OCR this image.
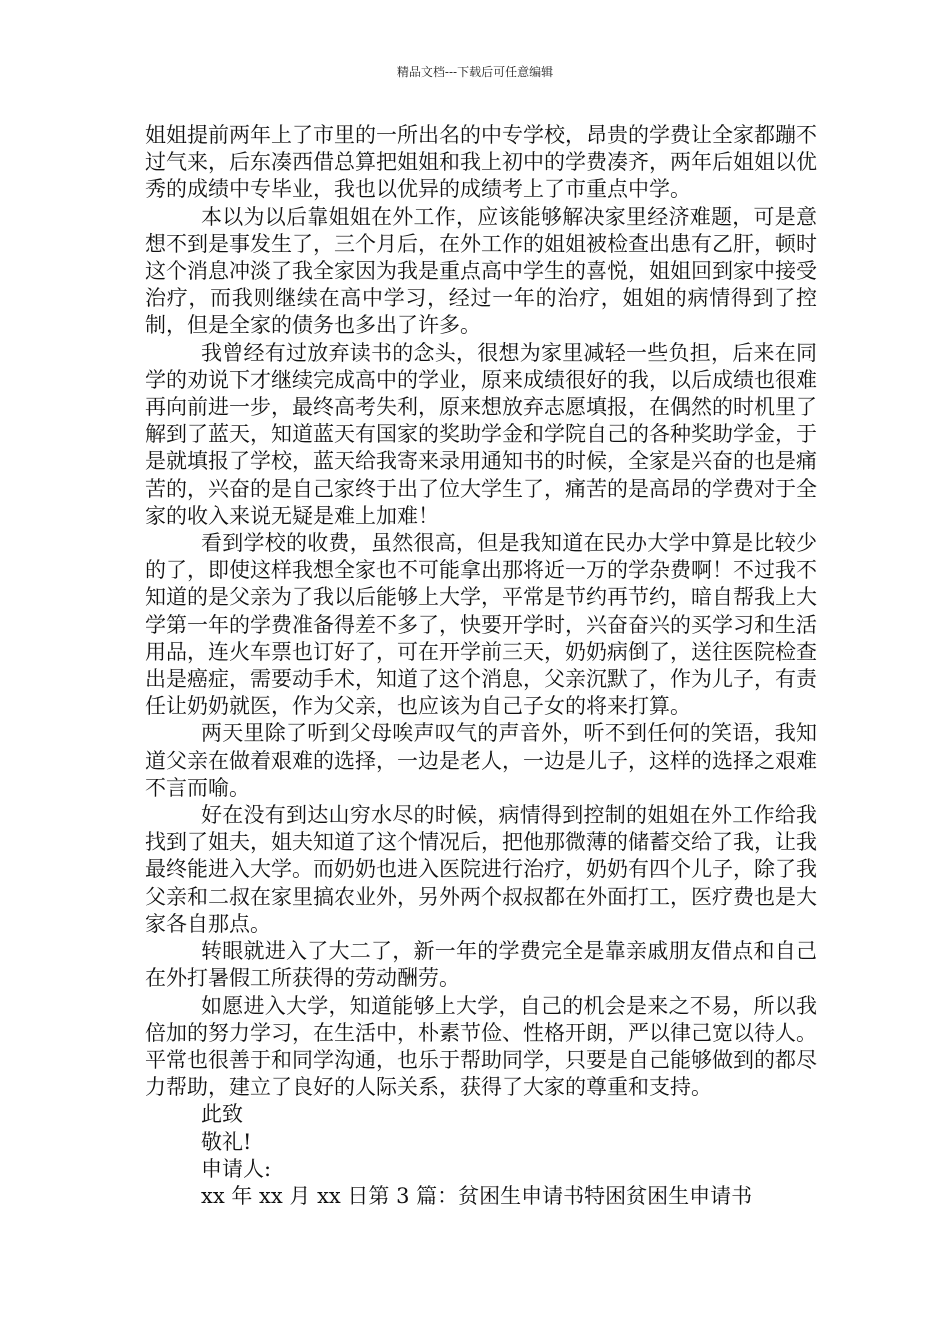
精品文档---下载后可任意编辑

姐姐提前两年上了市里的一所出名的中专学校，昂贵的学费让全家都蹦不过气来，后东凑西借总算把姐姐和我上初中的学费凑齐，两年后姐姐以优秀的成绩中专毕业，我也以优异的成绩考上了市重点中学。

本以为以后靠姐姐在外工作，应该能够解决家里经济难题，可是意想不到是事发生了，三个月后，在外工作的姐姐被检查出患有乙肝，顿时这个消息冲淡了我全家因为我是重点高中学生的喜悦，姐姐回到家中接受治疗，而我则继续在高中学习，经过一年的治疗，姐姐的病情得到了控制，但是全家的债务也多出了许多。

我曾经有过放弃读书的念头，很想为家里减轻一些负担，后来在同学的劝说下才继续完成高中的学业，原来成绩很好的我，以后成绩也很难再向前进一步，最终高考失利，原来想放弃志愿填报，在偶然的时机里了解到了蓝天，知道蓝天有国家的奖助学金和学院自己的各种奖助学金，于是就填报了学校，蓝天给我寄来录用通知书的时候，全家是兴奋的也是痛苦的，兴奋的是自己家终于出了位大学生了，痛苦的是高昂的学费对于全家的收入来说无疑是难上加难！

看到学校的收费，虽然很高，但是我知道在民办大学中算是比较少的了，即使这样我想全家也不可能拿出那将近一万的学杂费啊！不过我不知道的是父亲为了我以后能够上大学，平常是节约再节约，暗自帮我上大学第一年的学费准备得差不多了，快要开学时，兴奋奋兴的买学习和生活用品，连火车票也订好了，可在开学前三天，奶奶病倒了，送往医院检查出是癌症，需要动手术，知道了这个消息，父亲沉默了，作为儿子，有责任让奶奶就医，作为父亲，也应该为自己子女的将来打算。

两天里除了听到父母唉声叹气的声音外，听不到任何的笑语，我知道父亲在做着艰难的选择，一边是老人，一边是儿子，这样的选择之艰难不言而喻。

好在没有到达山穷水尽的时候，病情得到控制的姐姐在外工作给我找到了姐夫，姐夫知道了这个情况后，把他那微薄的储蓄交给了我，让我最终能进入大学。而奶奶也进入医院进行治疗，奶奶有四个儿子，除了我父亲和二叔在家里搞农业外，另外两个叔叔都在外面打工，医疗费也是大家各自那点。

转眼就进入了大二了，新一年的学费完全是靠亲戚朋友借点和自己在外打暑假工所获得的劳动酬劳。

如愿进入大学，知道能够上大学，自己的机会是来之不易，所以我倍加的努力学习，在生活中，朴素节俭、性格开朗，严以律己宽以待人。平常也很善于和同学沟通，也乐于帮助同学，只要是自己能够做到的都尽力帮助，建立了良好的人际关系，获得了大家的尊重和支持。

此致

敬礼!

申请人:

xx 年 xx 月 xx 日第 3 篇：贫困生申请书特困贫困生申请书
